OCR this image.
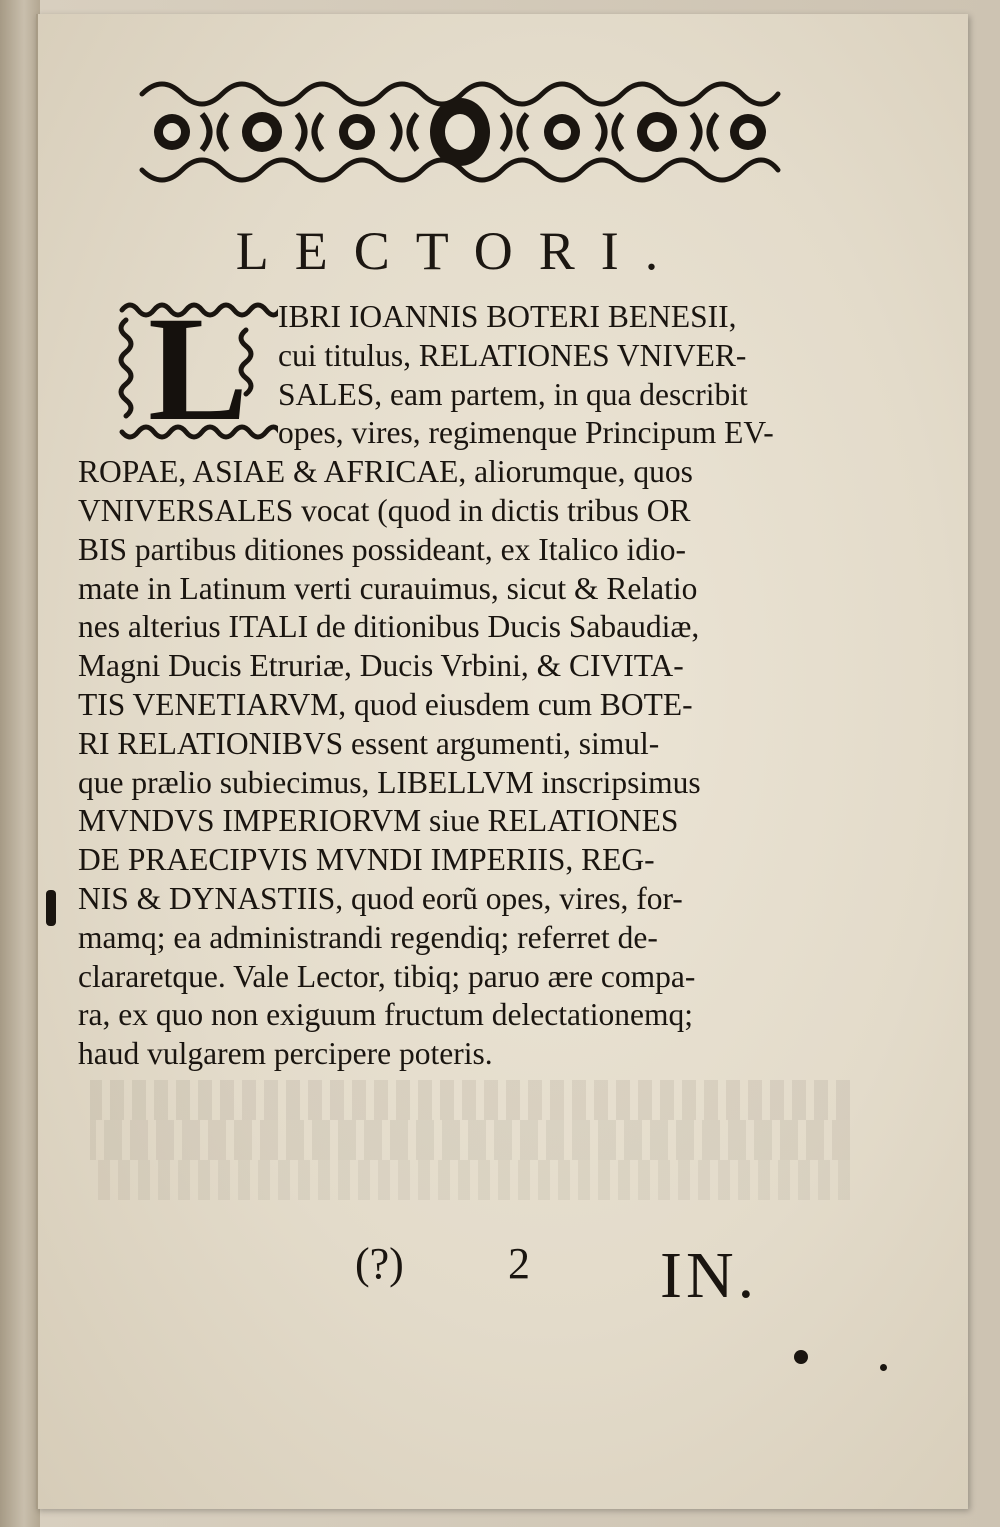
LECTORI.
L IBRI IOANNIS BOTERI BENESII,
cui titulus, RELATIONES VNIVER-
SALES, eam partem, in qua describit
opes, vires, regimenque Principum EV-
ROPAE, ASIAE & AFRICAE, aliorumque, quos
VNIVERSALES vocat (quod in dictis tribus OR
BIS partibus ditiones possideant, ex Italico idio-
mate in Latinum verti curauimus, sicut & Relatio
nes alterius ITALI de ditionibus Ducis Sabaudiæ,
Magni Ducis Etruriæ, Ducis Vrbini, & CIVITA-
TIS VENETIARVM, quod eiusdem cum BOTE-
RI RELATIONIBVS essent argumenti, simul-
que prælio subiecimus, LIBELLVM inscripsimus
MVNDVS IMPERIORVM siue RELATIONES
DE PRAECIPVIS MVNDI IMPERIIS, REG-
NIS & DYNASTIIS, quod eorũ opes, vires, for-
mamq; ea administrandi regendiq; referret de-
clararetque. Vale Lector, tibiq; paruo ære compa-
ra, ex quo non exiguum fructum delectationemq;
haud vulgarem percipere poteris.
(?) 2 IN.
